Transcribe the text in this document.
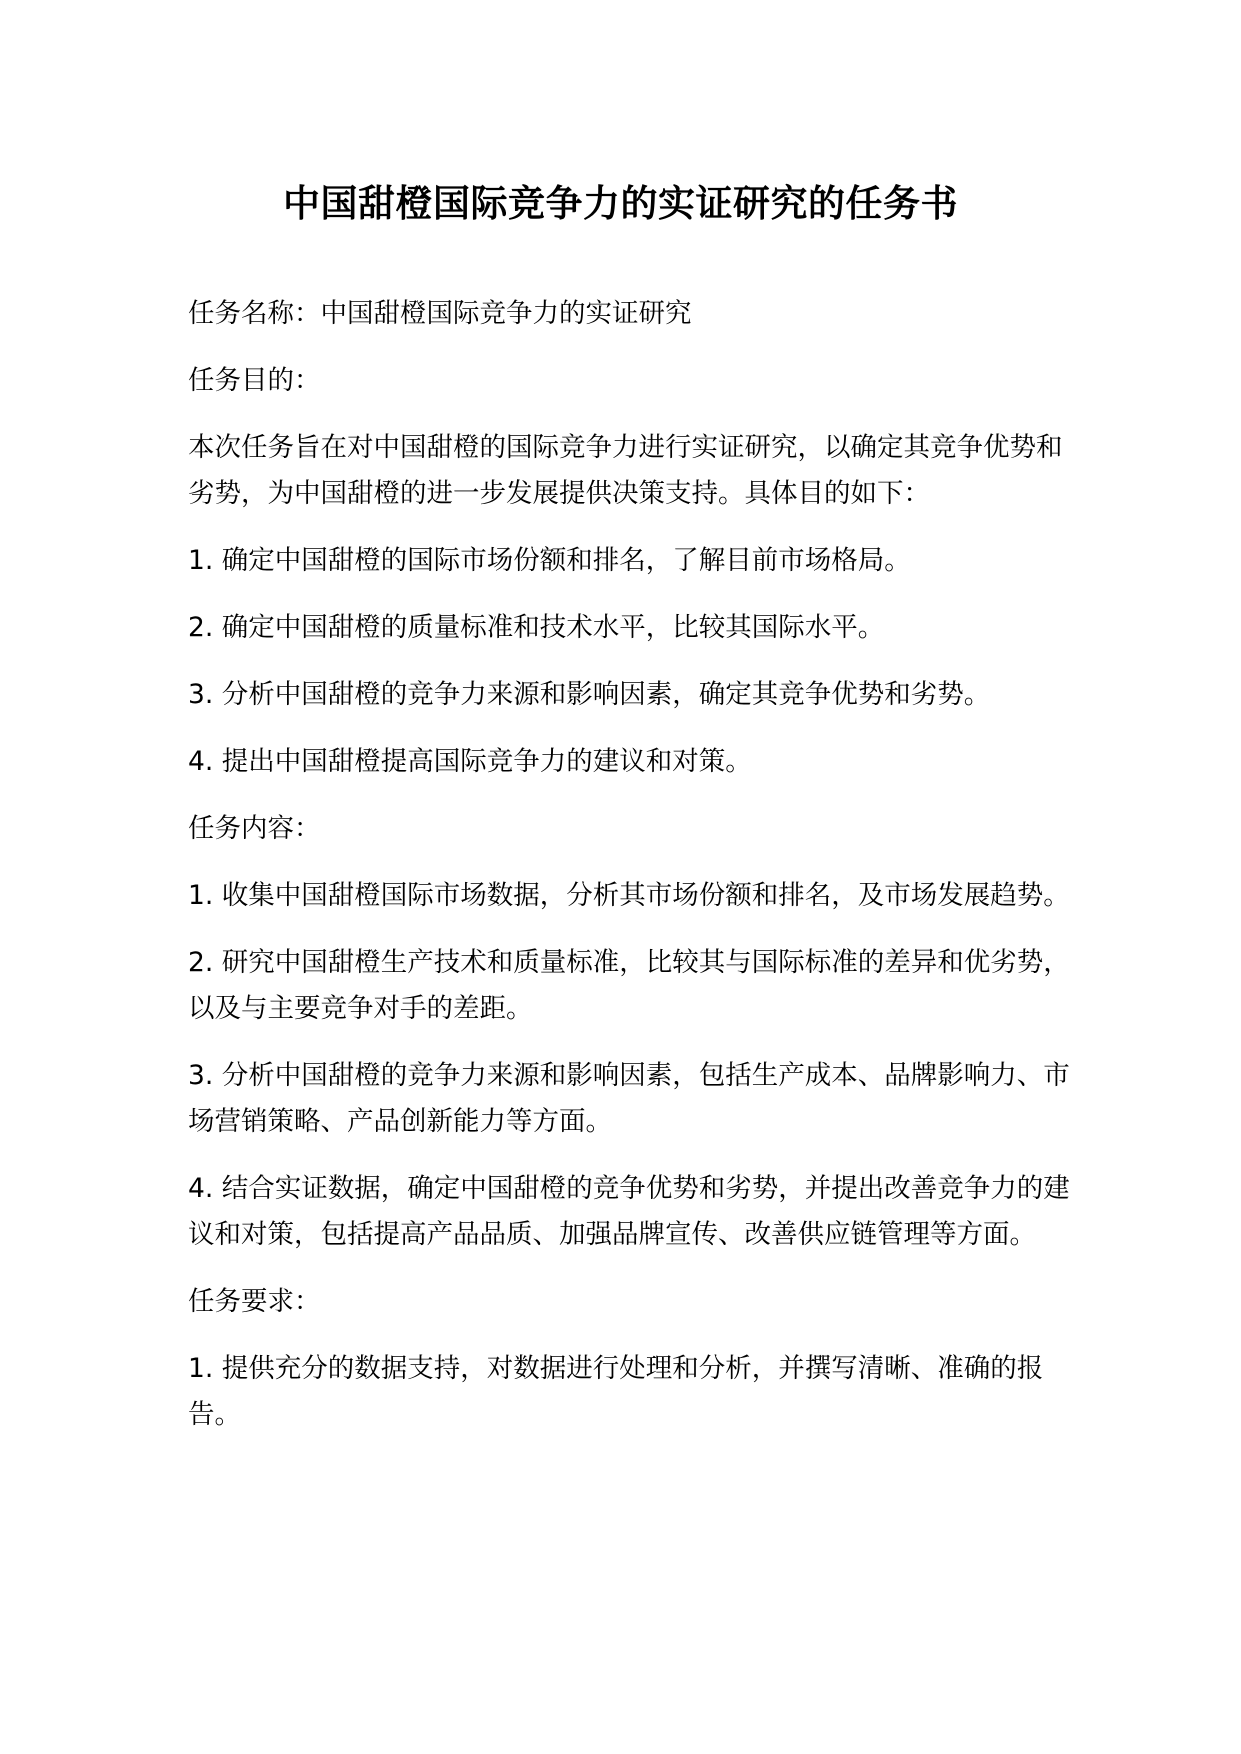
中国甜橙国际竞争力的实证研究的任务书

任务名称：中国甜橙国际竞争力的实证研究

任务目的：

本次任务旨在对中国甜橙的国际竞争力进行实证研究，以确定其竞争优势和劣势，为中国甜橙的进一步发展提供决策支持。具体目的如下：

1. 确定中国甜橙的国际市场份额和排名，了解目前市场格局。

2. 确定中国甜橙的质量标准和技术水平，比较其国际水平。

3. 分析中国甜橙的竞争力来源和影响因素，确定其竞争优势和劣势。

4. 提出中国甜橙提高国际竞争力的建议和对策。

任务内容：

1. 收集中国甜橙国际市场数据，分析其市场份额和排名，及市场发展趋势。

2. 研究中国甜橙生产技术和质量标准，比较其与国际标准的差异和优劣势，以及与主要竞争对手的差距。

3. 分析中国甜橙的竞争力来源和影响因素，包括生产成本、品牌影响力、市场营销策略、产品创新能力等方面。

4. 结合实证数据，确定中国甜橙的竞争优势和劣势，并提出改善竞争力的建议和对策，包括提高产品品质、加强品牌宣传、改善供应链管理等方面。

任务要求：

1. 提供充分的数据支持，对数据进行处理和分析，并撰写清晰、准确的报告。
